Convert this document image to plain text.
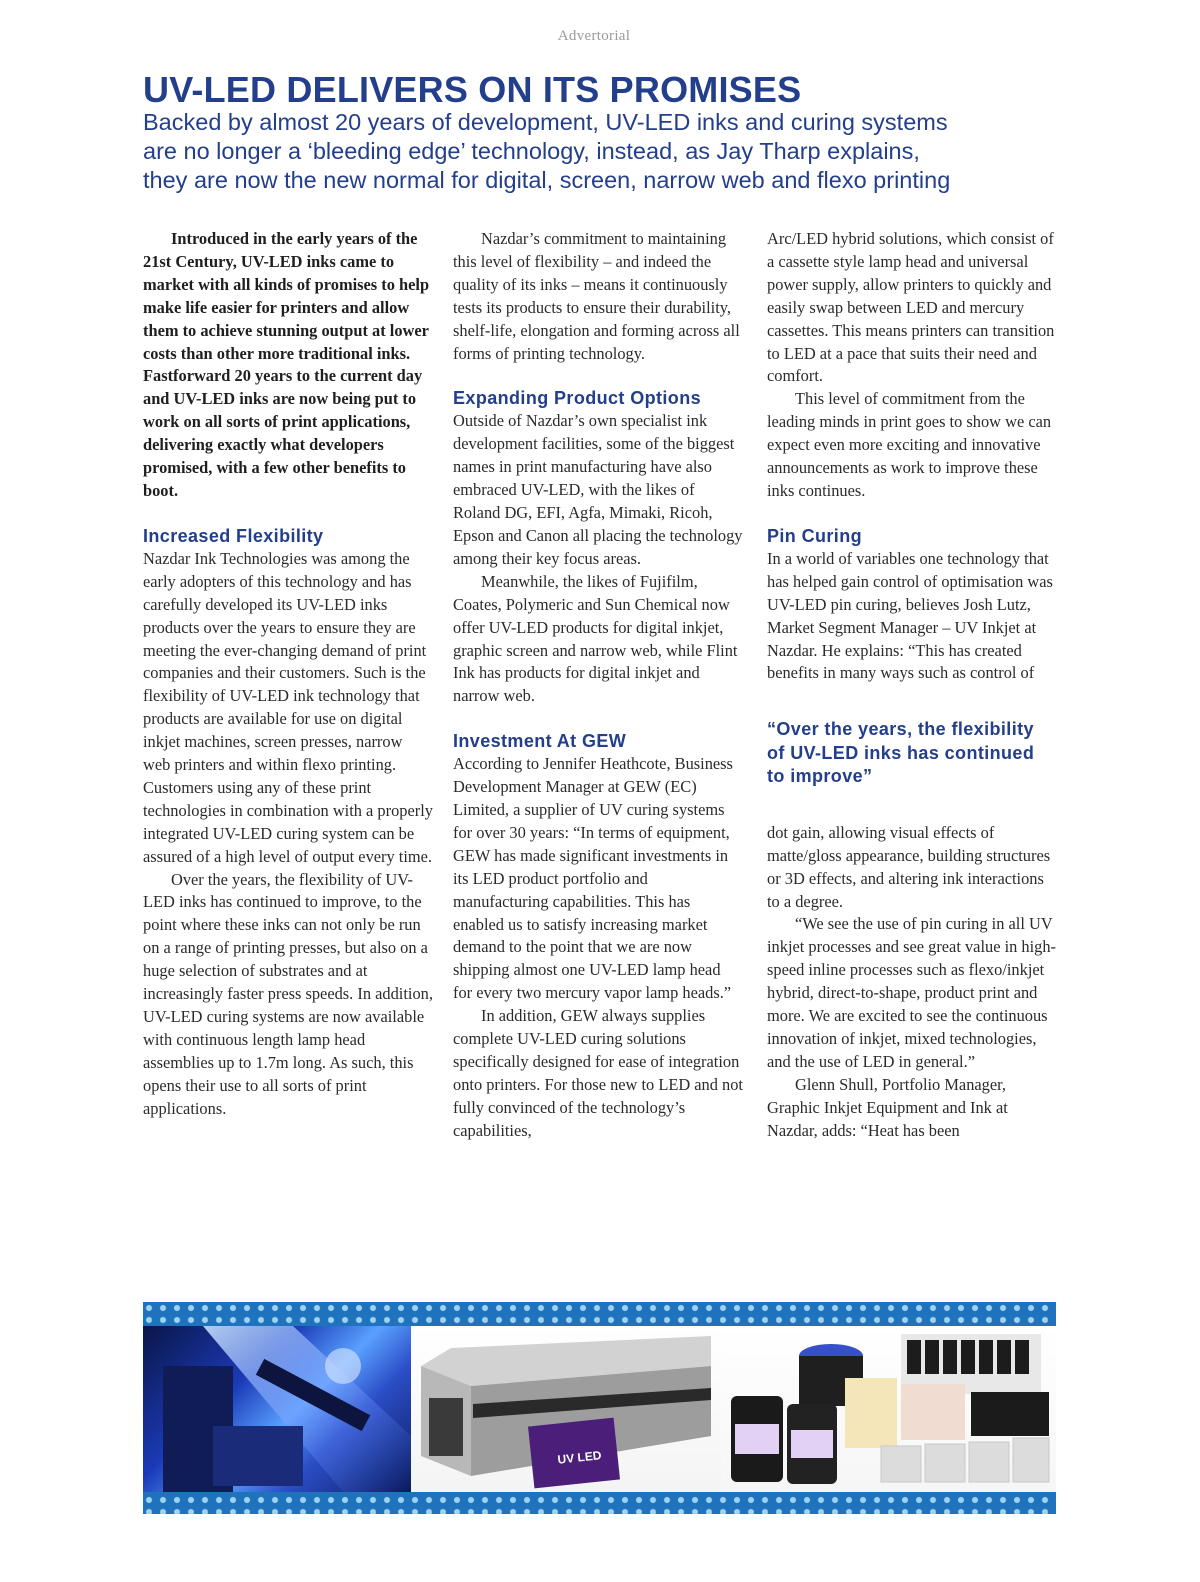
Advertorial
UV-LED DELIVERS ON ITS PROMISES
Backed by almost 20 years of development, UV-LED inks and curing systems
are no longer a ‘bleeding edge’ technology, instead, as Jay Tharp explains,
they are now the new normal for digital, screen, narrow web and flexo printing

Introduced in the early years of the 21st Century, UV-LED inks came to market with all kinds of promises to help make life easier for printers and allow them to achieve stunning output at lower costs than other more traditional inks. Fastforward 20 years to the current day and UV-LED inks are now being put to work on all sorts of print applications, delivering exactly what developers promised, with a few other benefits to boot.

Increased Flexibility

Nazdar Ink Technologies was among the early adopters of this technology and has carefully developed its UV-LED inks products over the years to ensure they are meeting the ever-changing demand of print companies and their customers. Such is the flexibility of UV-LED ink technology that products are available for use on digital inkjet machines, screen presses, narrow web printers and within flexo printing. Customers using any of these print technologies in combination with a properly integrated UV-LED curing system can be assured of a high level of output every time.

Over the years, the flexibility of UV-LED inks has continued to improve, to the point where these inks can not only be run on a range of printing presses, but also on a huge selection of substrates and at increasingly faster press speeds. In addition, UV-LED curing systems are now available with continuous length lamp head assemblies up to 1.7m long. As such, this opens their use to all sorts of print applications.

Nazdar’s commitment to maintaining this level of flexibility – and indeed the quality of its inks – means it continuously tests its products to ensure their durability, shelf-life, elongation and forming across all forms of printing technology.

Expanding Product Options

Outside of Nazdar’s own specialist ink development facilities, some of the biggest names in print manufacturing have also embraced UV-LED, with the likes of Roland DG, EFI, Agfa, Mimaki, Ricoh, Epson and Canon all placing the technology among their key focus areas.

Meanwhile, the likes of Fujifilm, Coates, Polymeric and Sun Chemical now offer UV-LED products for digital inkjet, graphic screen and narrow web, while Flint Ink has products for digital inkjet and narrow web.

Investment At GEW

According to Jennifer Heathcote, Business Development Manager at GEW (EC) Limited, a supplier of UV curing systems for over 30 years: “In terms of equipment, GEW has made significant investments in its LED product portfolio and manufacturing capabilities. This has enabled us to satisfy increasing market demand to the point that we are now shipping almost one UV-LED lamp head for every two mercury vapor lamp heads.”

In addition, GEW always supplies complete UV-LED curing solutions specifically designed for ease of integration onto printers. For those new to LED and not fully convinced of the technology’s capabilities,

Arc/LED hybrid solutions, which consist of a cassette style lamp head and universal power supply, allow printers to quickly and easily swap between LED and mercury cassettes. This means printers can transition to LED at a pace that suits their need and comfort.

This level of commitment from the leading minds in print goes to show we can expect even more exciting and innovative announcements as work to improve these inks continues.

Pin Curing

In a world of variables one technology that has helped gain control of optimisation was UV-LED pin curing, believes Josh Lutz, Market Segment Manager – UV Inkjet at Nazdar. He explains: “This has created benefits in many ways such as control of

“Over the years, the flexibility of UV-LED inks has continued to improve”

dot gain, allowing visual effects of matte/gloss appearance, building structures or 3D effects, and altering ink interactions to a degree.

“We see the use of pin curing in all UV inkjet processes and see great value in high-speed inline processes such as flexo/inkjet hybrid, direct-to-shape, product print and more. We are excited to see the continuous innovation of inkjet, mixed technologies, and the use of LED in general.”

Glenn Shull, Portfolio Manager, Graphic Inkjet Equipment and Ink at Nazdar, adds: “Heat has been

UV LED
